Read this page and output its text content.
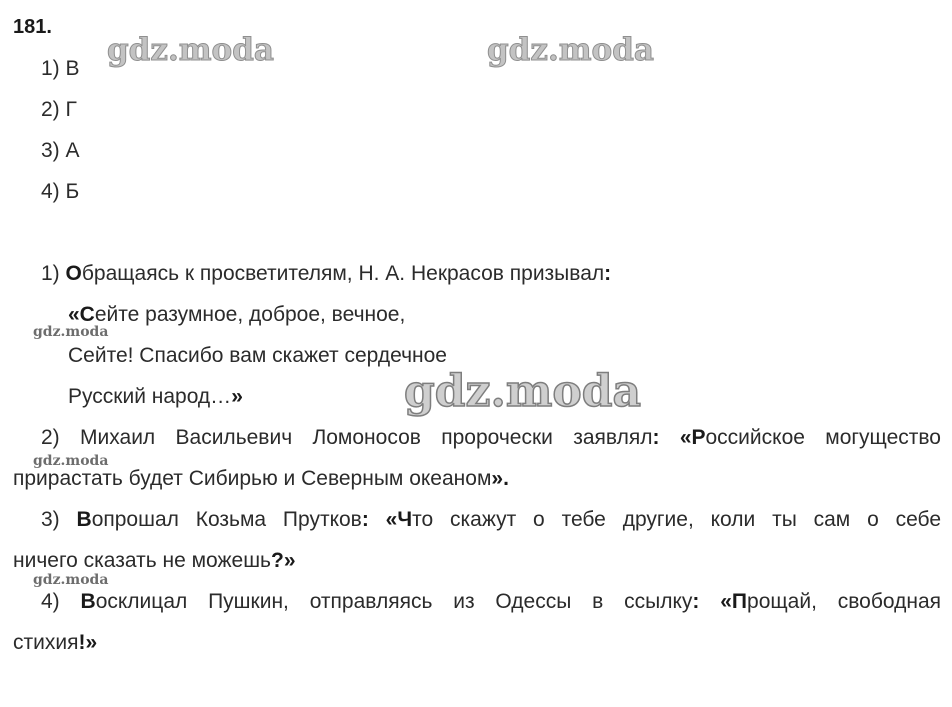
181.
1) В
2) Г
3) А
4) Б
1) Обращаясь к просветителям, Н. А. Некрасов призывал:
«Сейте разумное, доброе, вечное,
Сейте! Спасибо вам скажет сердечное
Русский народ…»
2) Михаил Васильевич Ломоносов пророчески заявлял: «Российское могущество
прирастать будет Сибирью и Северным океаном».
3) Вопрошал Козьма Прутков: «Что скажут о тебе другие, коли ты сам о себе
ничего сказать не можешь?»
4) Восклицал Пушкин, отправляясь из Одессы в ссылку: «Прощай, свободная
стихия!»
gdz.moda	gdz.moda
gdz.moda
gdz.moda
gdz.moda
gdz.moda
